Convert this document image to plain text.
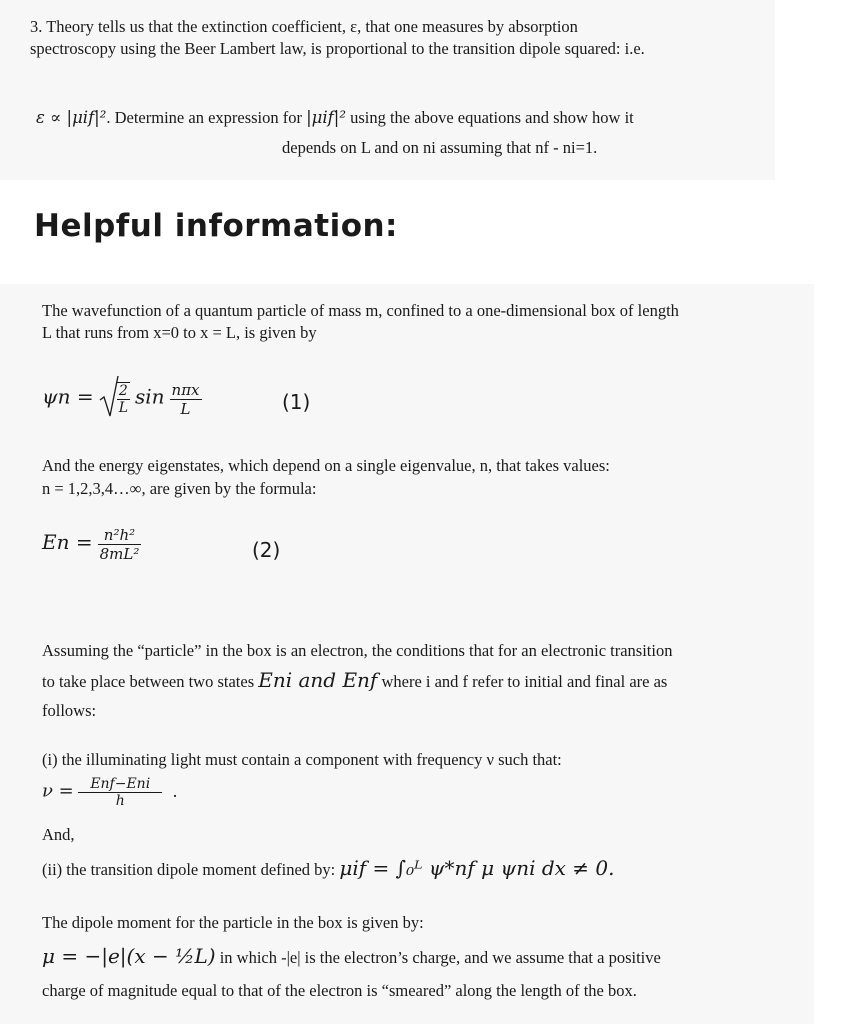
3. Theory tells us that the extinction coefficient, ε, that one measures by absorption
spectroscopy using the Beer Lambert law, is proportional to the transition dipole squared: i.e.
ε ∝ |μif|². Determine an expression for |μif|² using the above equations and show how it
depends on L and on ni assuming that nf - ni=1.
Helpful information:
The wavefunction of a quantum particle of mass m, confined to a one-dimensional box of length
L that runs from x=0 to x = L, is given by
$\psi n = \frac{2}{L}$ $\sin \frac{\text{nπx}}{L}$	(1)
And the energy eigenstates, which depend on a single eigenvalue, n, that takes values:
n = 1,2,3,4…∞, are given by the formula:
$En = \frac{\text{n²h²}}{\text{8mL²}}$	(2)
Assuming the “particle” in the box is an electron, the conditions that for an electronic transition
to take place between two states Eni and Enf where i and f refer to initial and final are as
follows:
(i) the illuminating light must contain a component with frequency ν such that:
$\nu = \frac{\text{Enf−Eni}}{h}$ .
And,
(ii) the transition dipole moment defined by: μif = ∫₀ᴸ ψ*nf μ ψni dx ≠ 0.
The dipole moment for the particle in the box is given by:
μ = −|e|(x − ½L) in which -|e| is the electron’s charge, and we assume that a positive
charge of magnitude equal to that of the electron is “smeared” along the length of the box.
